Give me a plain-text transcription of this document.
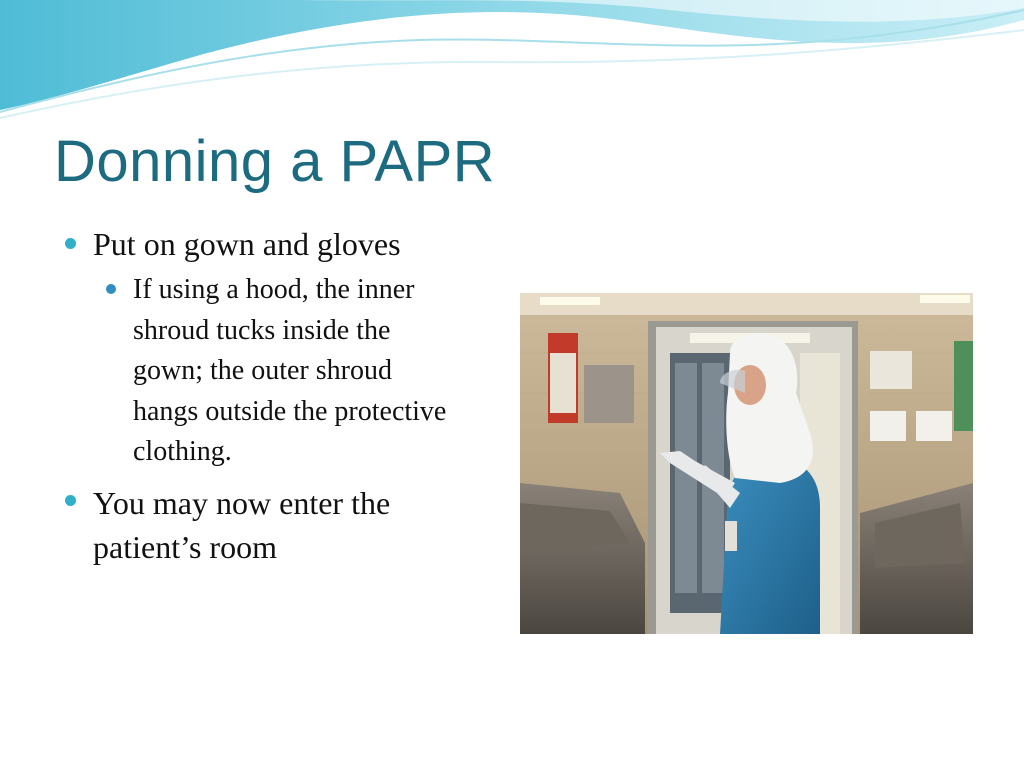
Donning a PAPR
Put on gown and gloves
If using a hood, the inner shroud tucks inside the gown; the outer shroud hangs outside the protective clothing.
You may now enter the patient’s room
